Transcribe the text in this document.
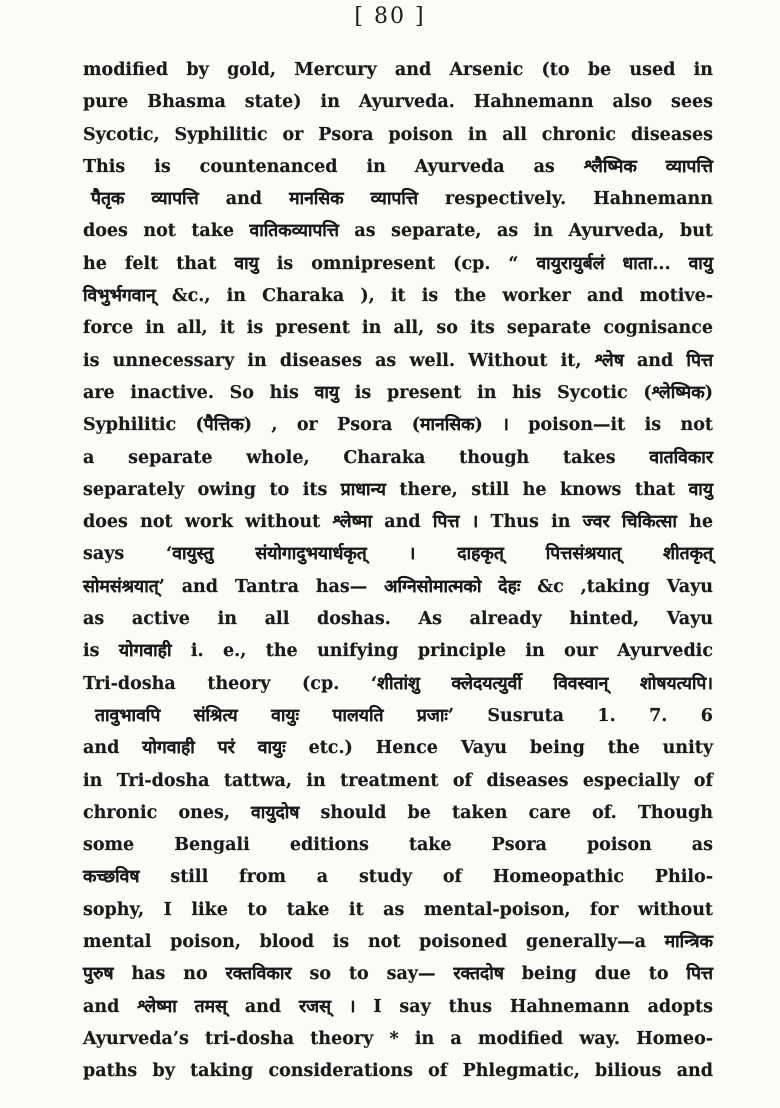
[ 80 ]
modified by gold, Mercury and Arsenic (to be used in
pure Bhasma state) in Ayurveda. Hahnemann also sees
Sycotic, Syphilitic or Psora poison in all chronic diseases
This is countenanced in Ayurveda as श्लैष्मिक व्यापत्ति
पैतृक व्यापत्ति and मानसिक व्यापत्ति respectively. Hahnemann
does not take वातिकव्यापत्ति as separate, as in Ayurveda, but
he felt that वायु is omnipresent (cp. “ वायुरायुर्बलं धाता... वायु
विभुर्भगवान् &c., in Charaka ), it is the worker and motive-
force in all, it is present in all, so its separate cognisance
is unnecessary in diseases as well. Without it, श्लेष and पित्त
are inactive. So his वायु is present in his Sycotic (श्लेष्मिक)
Syphilitic (पैत्तिक) , or Psora (मानसिक) । poison—it is not
a separate whole, Charaka though takes वातविकार
separately owing to its प्राधान्य there, still he knows that वायु
does not work without श्लेष्मा and पित्त । Thus in ज्वर चिकित्सा he
says ‘वायुस्तु संयोगादुभयार्धकृत् । दाहकृत् पित्तसंश्रयात् शीतकृत्
सोमसंश्रयात्’ and Tantra has— अग्निसोमात्मको देहः &c ,taking Vayu
as active in all doshas. As already hinted, Vayu
is योगवाही i. e., the unifying principle in our Ayurvedic
Tri-dosha theory (cp. ‘शीतांशु क्लेदयत्युर्वी विवस्वान् शोषयत्यपि।
तावुभावपि संश्रित्य वायुः पालयति प्रजाः’ Susruta 1. 7. 6
and योगवाही परं वायुः etc.) Hence Vayu being the unity
in Tri-dosha tattwa, in treatment of diseases especially of
chronic ones, वायुदोष should be taken care of. Though
some Bengali editions take Psora poison as
कच्छविष still from a study of Homeopathic Philo-
sophy, I like to take it as mental-poison, for without
mental poison, blood is not poisoned generally—a मान्त्रिक
पुरुष has no रक्तविकार so to say— रक्तदोष being due to पित्त
and श्लेष्मा तमस् and रजस् । I say thus Hahnemann adopts
Ayurveda’s tri-dosha theory * in a modified way. Homeo-
paths by taking considerations of Phlegmatic, bilious and
